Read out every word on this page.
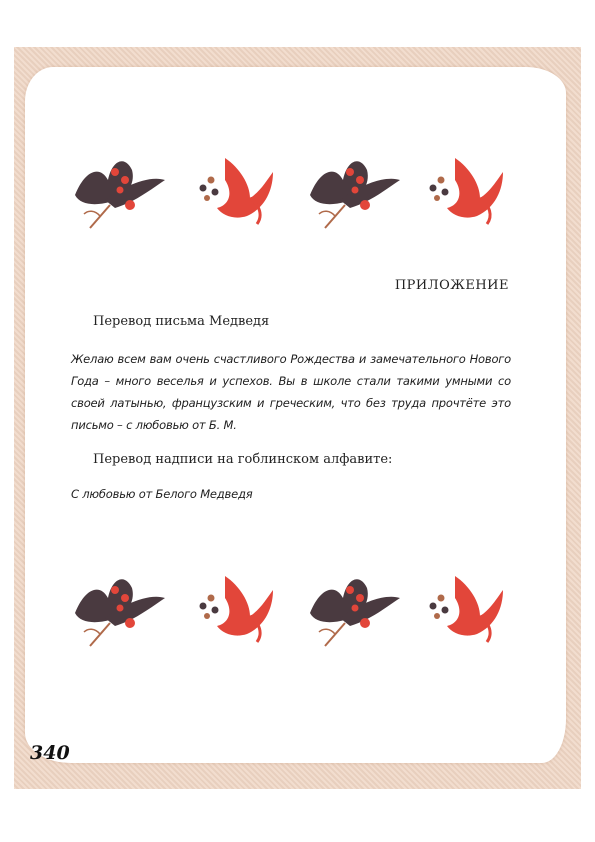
ПРИЛОЖЕНИЕ
Перевод письма Медведя
Желаю всем вам очень счастливого Рождества и замечательного Нового Года – много веселья и успехов. Вы в школе стали такими умными со своей латынью, французским и греческим, что без труда прочтёте это письмо – с любовью от Б. М.
Перевод надписи на гоблинском алфавите:
С любовью от Белого Медведя
340
